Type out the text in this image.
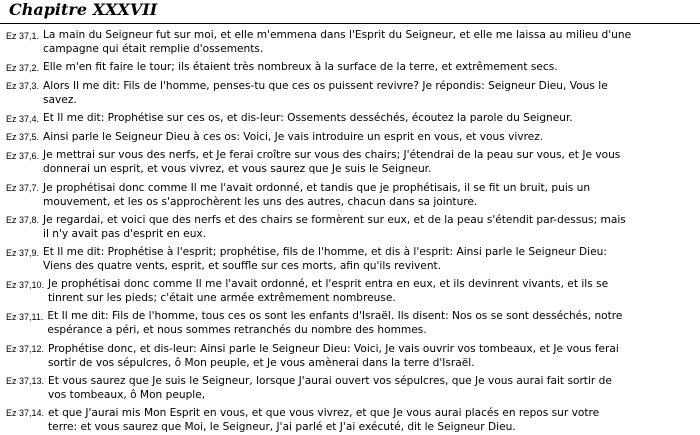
Chapitre XXXVII
Ez 37,1. La main du Seigneur fut sur moi, et elle m'emmena dans l'Esprit du Seigneur, et elle me laissa au milieu d'une
campagne qui était remplie d'ossements.
Ez 37,2. Elle m'en fit faire le tour; ils étaient très nombreux à la surface de la terre, et extrêmement secs.
Ez 37,3. Alors Il me dit: Fils de l'homme, penses-tu que ces os puissent revivre? Je répondis: Seigneur Dieu, Vous le
savez.
Ez 37,4. Et Il me dit: Prophétise sur ces os, et dis-leur: Ossements desséchés, écoutez la parole du Seigneur.
Ez 37,5. Ainsi parle le Seigneur Dieu à ces os: Voici, Je vais introduire un esprit en vous, et vous vivrez.
Ez 37,6. Je mettrai sur vous des nerfs, et Je ferai croître sur vous des chairs; J'étendrai de la peau sur vous, et Je vous
donnerai un esprit, et vous vivrez, et vous saurez que Je suis le Seigneur.
Ez 37,7. Je prophétisai donc comme Il me l'avait ordonné, et tandis que je prophétisais, il se fit un bruit, puis un
mouvement, et les os s'approchèrent les uns des autres, chacun dans sa jointure.
Ez 37,8. Je regardai, et voici que des nerfs et des chairs se formèrent sur eux, et de la peau s'étendit par-dessus; mais
il n'y avait pas d'esprit en eux.
Ez 37,9. Et Il me dit: Prophétise à l'esprit; prophétise, fils de l'homme, et dis à l'esprit: Ainsi parle le Seigneur Dieu:
Viens des quatre vents, esprit, et souffle sur ces morts, afin qu'ils revivent.
Ez 37,10. Je prophétisai donc comme Il me l'avait ordonné, et l'esprit entra en eux, et ils devinrent vivants, et ils se
tinrent sur les pieds; c'était une armée extrêmement nombreuse.
Ez 37,11. Et Il me dit: Fils de l'homme, tous ces os sont les enfants d'Israël. Ils disent: Nos os se sont desséchés, notre
espérance a péri, et nous sommes retranchés du nombre des hommes.
Ez 37,12. Prophétise donc, et dis-leur: Ainsi parle le Seigneur Dieu: Voici, Je vais ouvrir vos tombeaux, et Je vous ferai
sortir de vos sépulcres, ô Mon peuple, et Je vous amènerai dans la terre d'Israël.
Ez 37,13. Et vous saurez que Je suis le Seigneur, lorsque J'aurai ouvert vos sépulcres, que Je vous aurai fait sortir de
vos tombeaux, ô Mon peuple,
Ez 37,14. et que J'aurai mis Mon Esprit en vous, et que vous vivrez, et que Je vous aurai placés en repos sur votre
terre: et vous saurez que Moi, le Seigneur, J'ai parlé et J'ai exécuté, dit le Seigneur Dieu.
